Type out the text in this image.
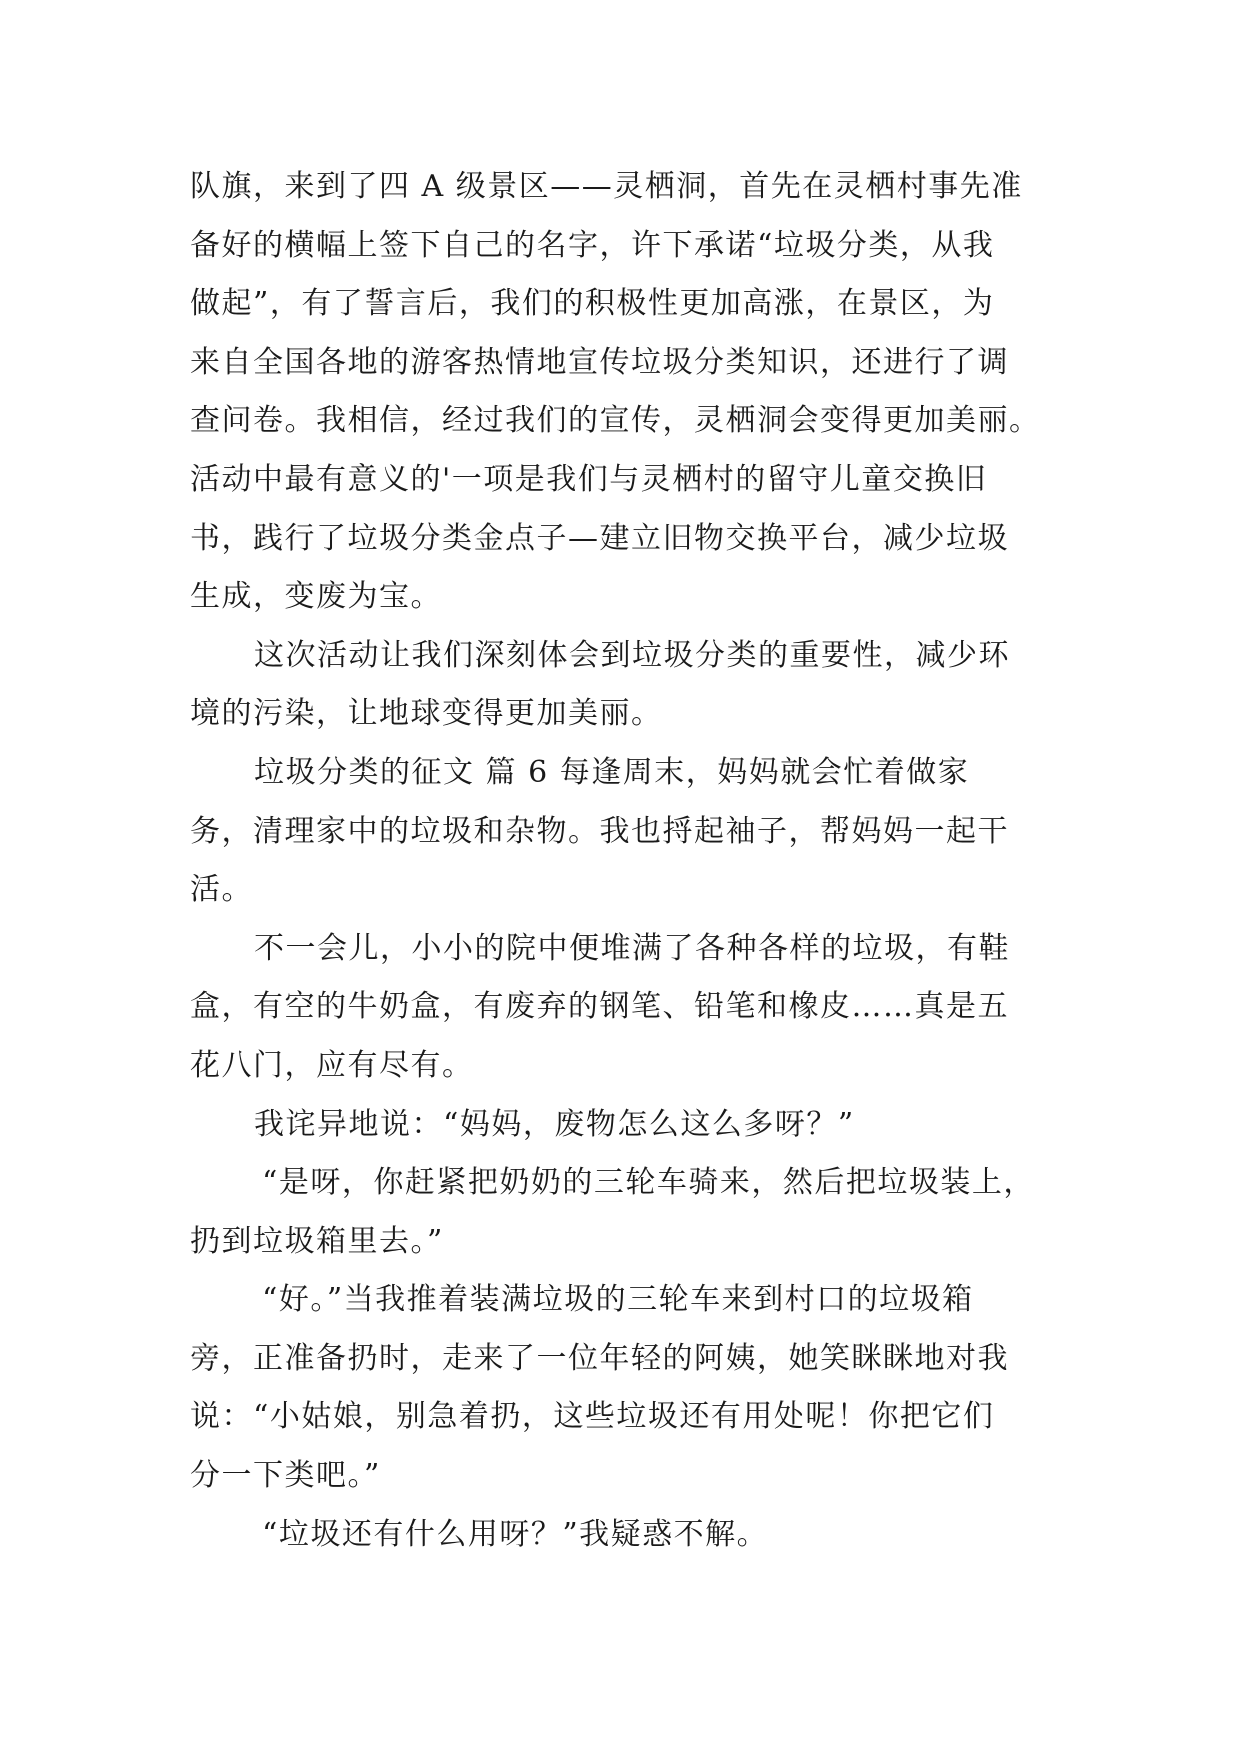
队旗，来到了四 A 级景区——灵栖洞，首先在灵栖村事先准
备好的横幅上签下自己的名字，许下承诺“垃圾分类，从我
做起”，有了誓言后，我们的积极性更加高涨，在景区，为
来自全国各地的游客热情地宣传垃圾分类知识，还进行了调
查问卷。我相信，经过我们的宣传，灵栖洞会变得更加美丽。
活动中最有意义的'一项是我们与灵栖村的留守儿童交换旧
书，践行了垃圾分类金点子—建立旧物交换平台，减少垃圾
生成，变废为宝。
这次活动让我们深刻体会到垃圾分类的重要性，减少环
境的污染，让地球变得更加美丽。
垃圾分类的征文 篇 6 每逢周末，妈妈就会忙着做家
务，清理家中的垃圾和杂物。我也捋起袖子，帮妈妈一起干
活。
不一会儿，小小的院中便堆满了各种各样的垃圾，有鞋
盒，有空的牛奶盒，有废弃的钢笔、铅笔和橡皮……真是五
花八门，应有尽有。
我诧异地说：“妈妈，废物怎么这么多呀？”
“是呀，你赶紧把奶奶的三轮车骑来，然后把垃圾装上，
扔到垃圾箱里去。”
“好。”当我推着装满垃圾的三轮车来到村口的垃圾箱
旁，正准备扔时，走来了一位年轻的阿姨，她笑眯眯地对我
说：“小姑娘，别急着扔，这些垃圾还有用处呢！你把它们
分一下类吧。”
“垃圾还有什么用呀？”我疑惑不解。
